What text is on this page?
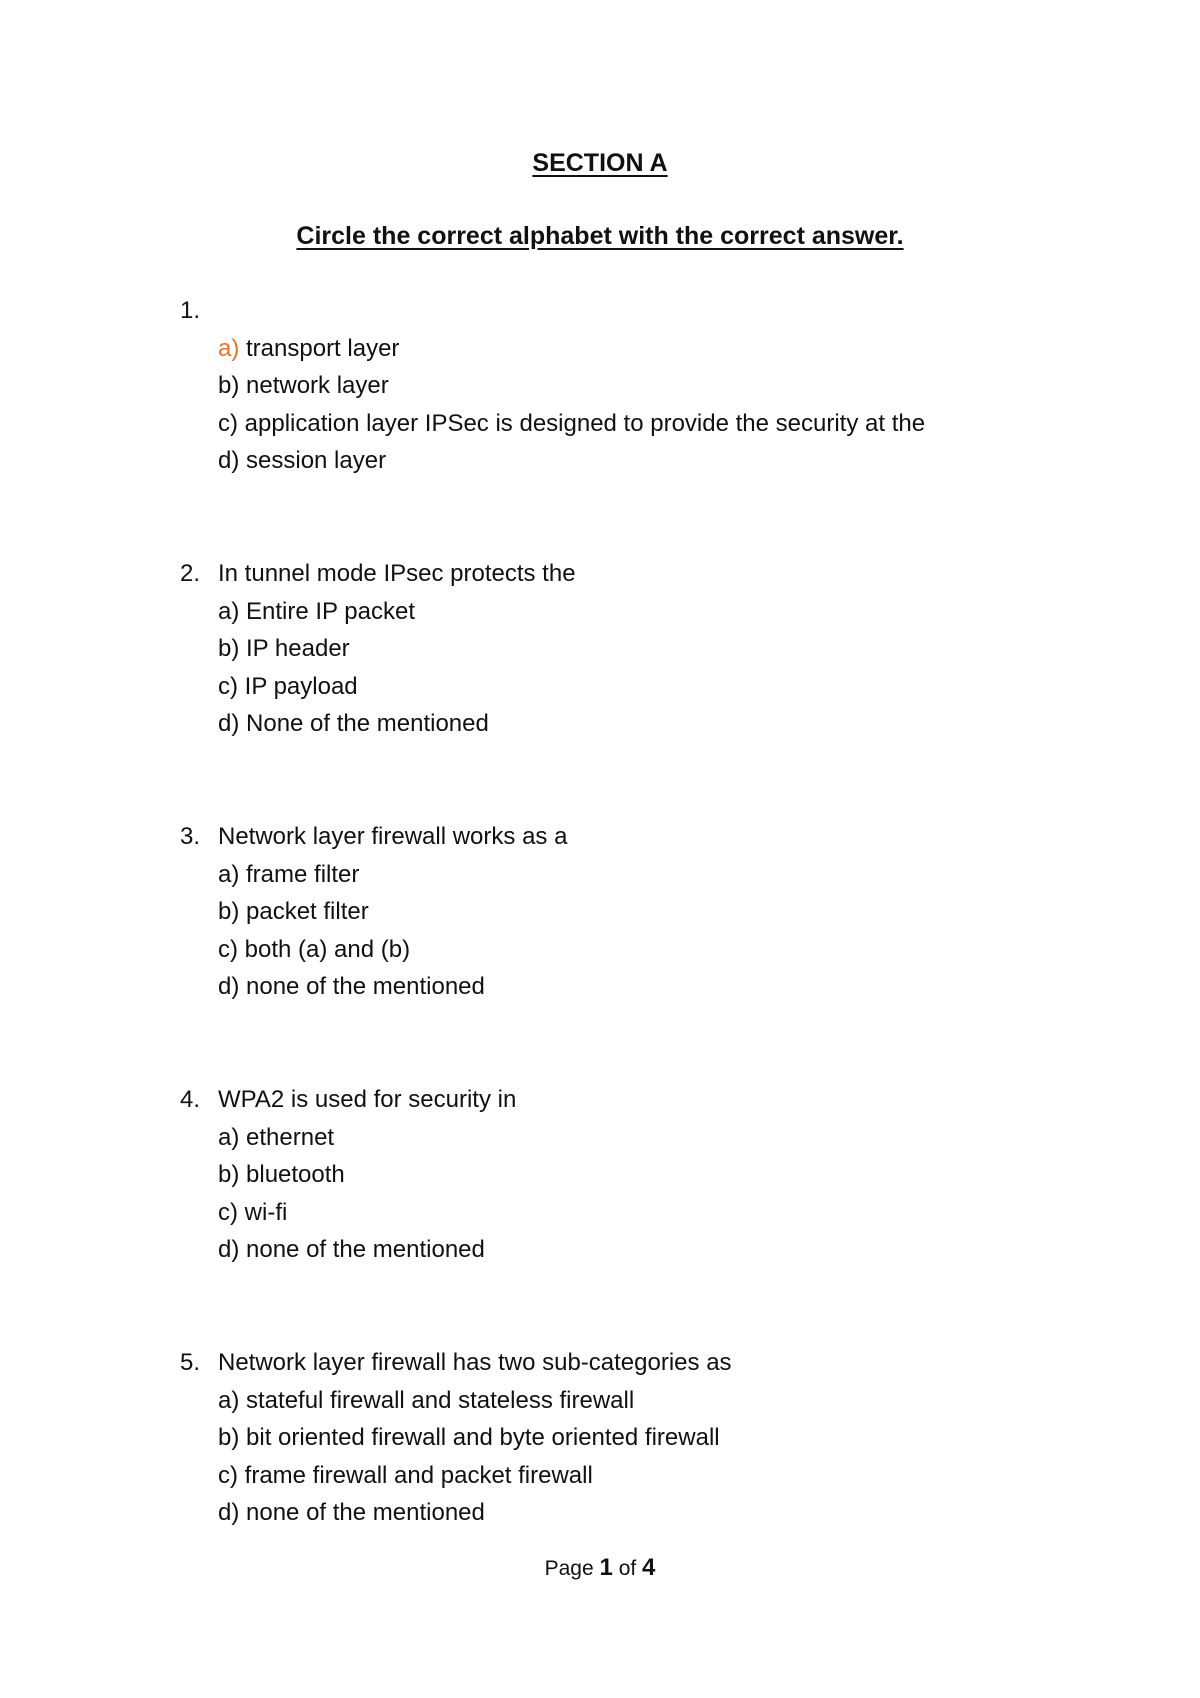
SECTION A
Circle the correct alphabet with the correct answer.
1.
a) transport layer
b) network layer
c) application layer IPSec is designed to provide the security at the
d) session layer
2. In tunnel mode IPsec protects the
a) Entire IP packet
b) IP header
c) IP payload
d) None of the mentioned
3. Network layer firewall works as a
a) frame filter
b) packet filter
c) both (a) and (b)
d) none of the mentioned
4. WPA2 is used for security in
a) ethernet
b) bluetooth
c) wi-fi
d) none of the mentioned
5. Network layer firewall has two sub-categories as
a) stateful firewall and stateless firewall
b) bit oriented firewall and byte oriented firewall
c) frame firewall and packet firewall
d) none of the mentioned
Page 1 of 4
